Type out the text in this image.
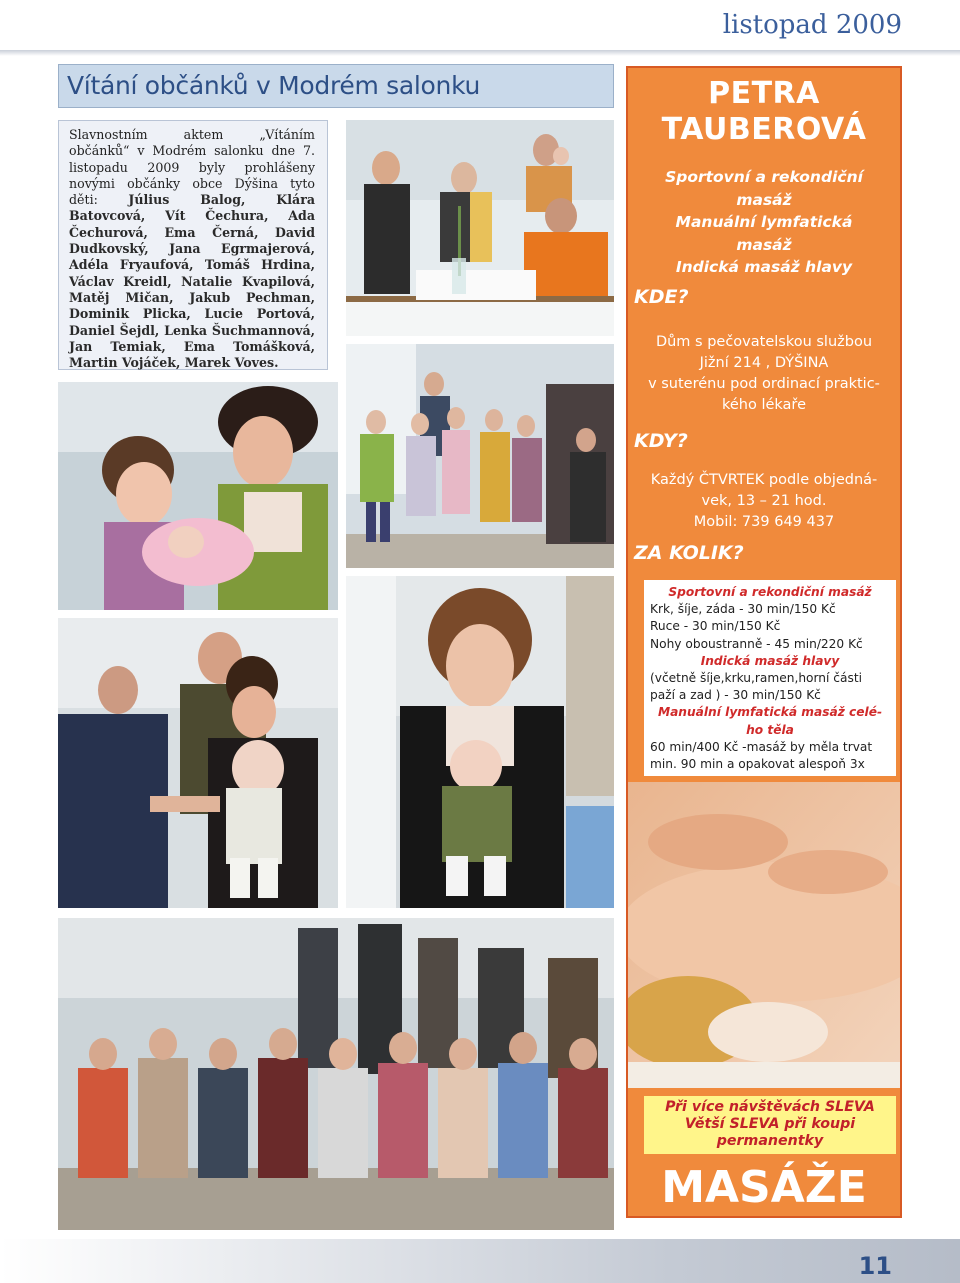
listopad 2009
Vítání občánků v Modrém salonku
Slavnostním aktem „Vítáním občánků“ v Modrém salonku dne 7. listopadu 2009 byly prohlášeny novými občánky obce Dýšina tyto děti: Július Balog, Klára Batovcová, Vít Čechura, Ada Čechurová, Ema Černá, David Dudkovský, Jana Egrmajerová, Adéla Fryaufová, Tomáš Hrdina, Václav Kreidl, Natalie Kvapilová, Matěj Mičan, Jakub Pechman, Dominik Plicka, Lucie Portová, Daniel Šejdl, Lenka Šuchmannová, Jan Temiak, Ema Tomášková, Martin Vojáček, Marek Voves.
PETRA
TAUBEROVÁ
Sportovní a rekondiční
masáž
Manuální lymfatická
masáž
Indická masáž hlavy
KDE?
Dům s pečovatelskou službou
Jižní 214 , DÝŠINA
v suterénu pod ordinací praktic-
kého lékaře
KDY?
Každý ČTVRTEK podle objedná-
vek, 13 – 21 hod.
Mobil: 739 649 437
ZA KOLIK?
Sportovní a rekondiční masáž
Krk, šíje, záda - 30 min/150 Kč
Ruce - 30 min/150 Kč
Nohy oboustranně - 45 min/220 Kč
Indická masáž hlavy
(včetně šíje,krku,ramen,horní části
paží a zad ) - 30 min/150 Kč
Manuální lymfatická masáž celé-
ho těla
60 min/400 Kč -masáž by měla trvat
min. 90 min a opakovat alespoň 3x
Při více návštěvách SLEVA
Větší SLEVA při koupi
permanentky
MASÁŽE
11
